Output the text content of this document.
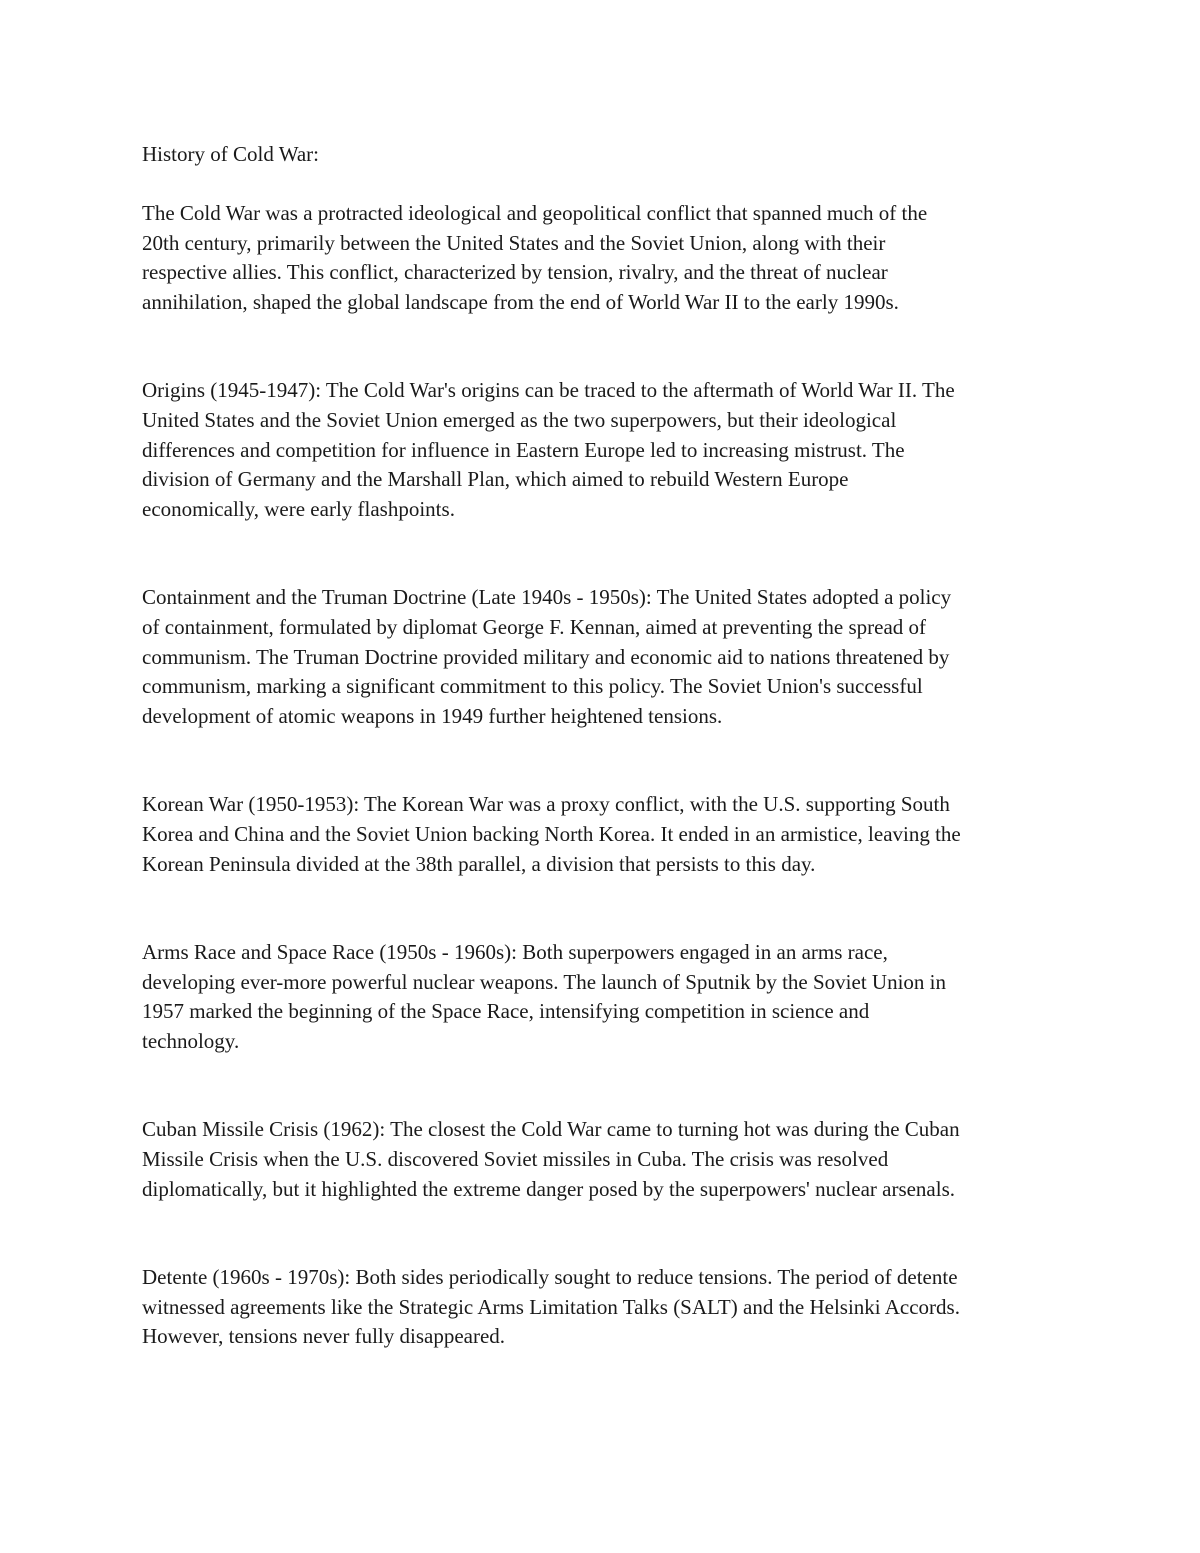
History of Cold War:

The Cold War was a protracted ideological and geopolitical conflict that spanned much of the
20th century, primarily between the United States and the Soviet Union, along with their
respective allies. This conflict, characterized by tension, rivalry, and the threat of nuclear
annihilation, shaped the global landscape from the end of World War II to the early 1990s.

Origins (1945-1947): The Cold War's origins can be traced to the aftermath of World War II. The
United States and the Soviet Union emerged as the two superpowers, but their ideological
differences and competition for influence in Eastern Europe led to increasing mistrust. The
division of Germany and the Marshall Plan, which aimed to rebuild Western Europe
economically, were early flashpoints.

Containment and the Truman Doctrine (Late 1940s - 1950s): The United States adopted a policy
of containment, formulated by diplomat George F. Kennan, aimed at preventing the spread of
communism. The Truman Doctrine provided military and economic aid to nations threatened by
communism, marking a significant commitment to this policy. The Soviet Union's successful
development of atomic weapons in 1949 further heightened tensions.

Korean War (1950-1953): The Korean War was a proxy conflict, with the U.S. supporting South
Korea and China and the Soviet Union backing North Korea. It ended in an armistice, leaving the
Korean Peninsula divided at the 38th parallel, a division that persists to this day.

Arms Race and Space Race (1950s - 1960s): Both superpowers engaged in an arms race,
developing ever-more powerful nuclear weapons. The launch of Sputnik by the Soviet Union in
1957 marked the beginning of the Space Race, intensifying competition in science and
technology.

Cuban Missile Crisis (1962): The closest the Cold War came to turning hot was during the Cuban
Missile Crisis when the U.S. discovered Soviet missiles in Cuba. The crisis was resolved
diplomatically, but it highlighted the extreme danger posed by the superpowers' nuclear arsenals.

Detente (1960s - 1970s): Both sides periodically sought to reduce tensions. The period of detente
witnessed agreements like the Strategic Arms Limitation Talks (SALT) and the Helsinki Accords.
However, tensions never fully disappeared.
